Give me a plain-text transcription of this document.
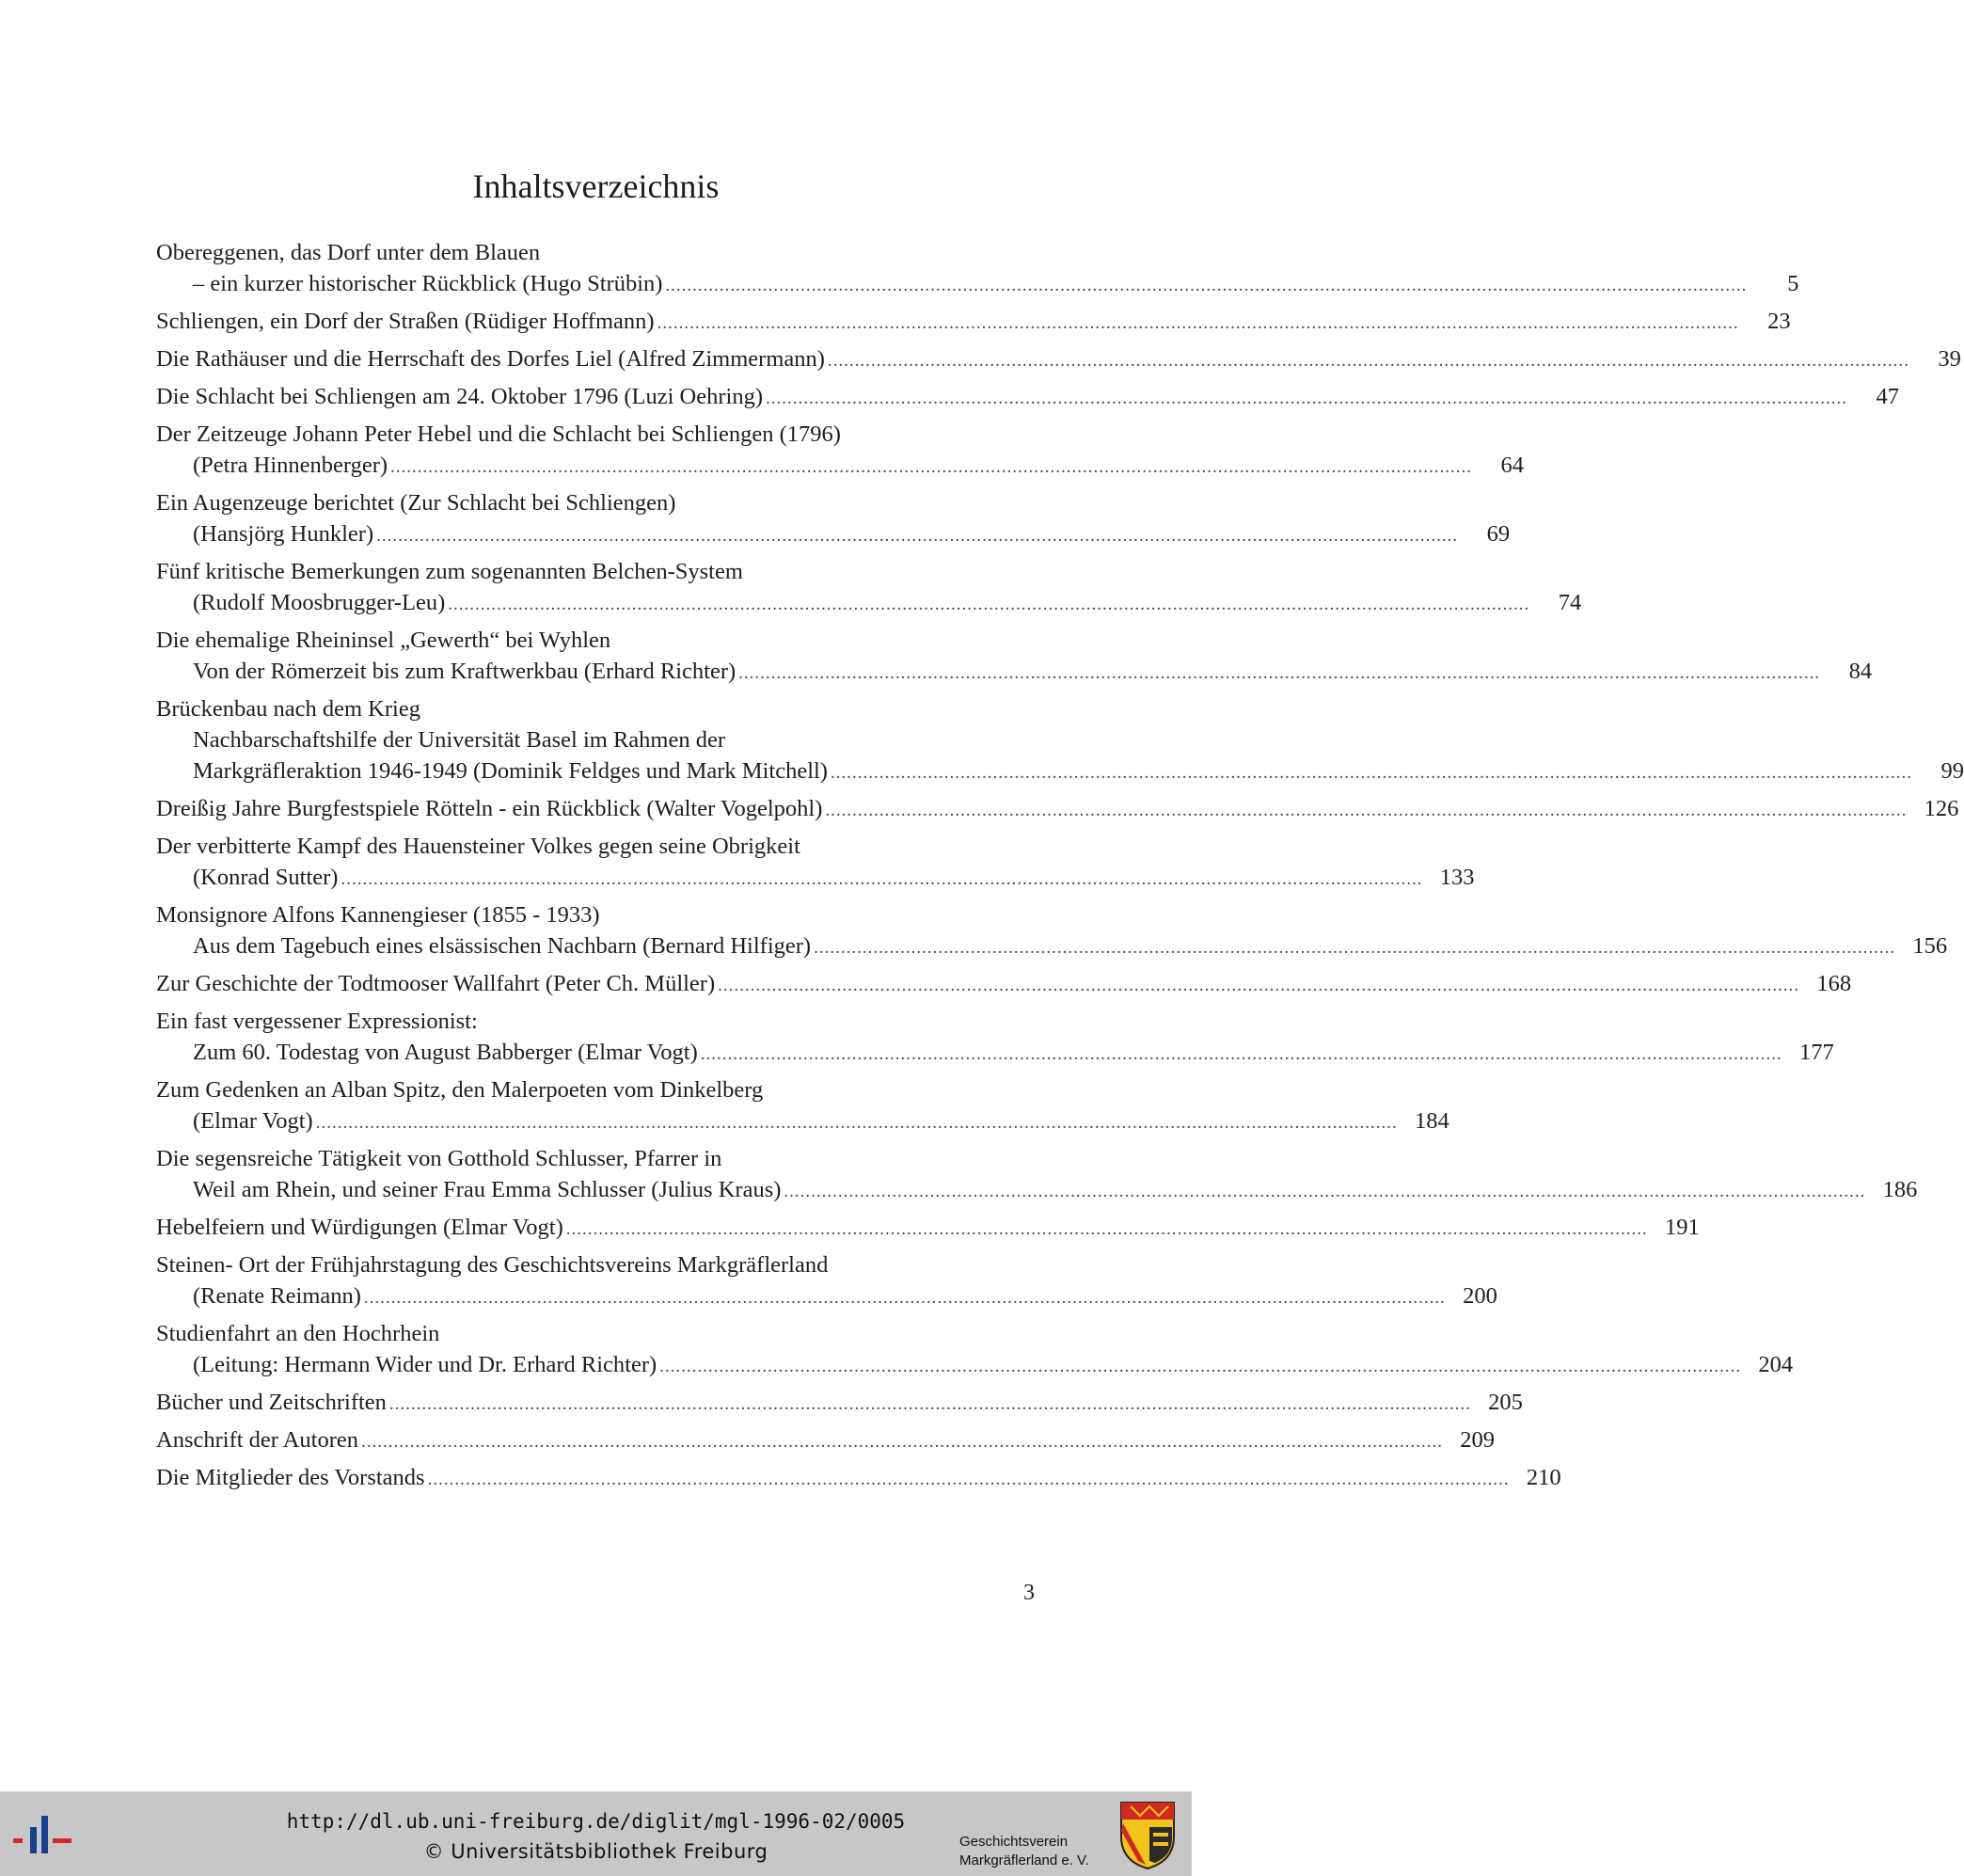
Inhaltsverzeichnis
Obereggenen, das Dorf unter dem Blauen
– ein kurzer historischer Rückblick (Hugo Strübin) ........................................................................................................................................................................................................	5
Schliengen, ein Dorf der Straßen (Rüdiger Hoffmann) ........................................................................................................................................................................................................	23
Die Rathäuser und die Herrschaft des Dorfes Liel (Alfred Zimmermann) ........................................................................................................................................................................................................	39
Die Schlacht bei Schliengen am 24. Oktober 1796 (Luzi Oehring) ........................................................................................................................................................................................................	47
Der Zeitzeuge Johann Peter Hebel und die Schlacht bei Schliengen (1796)
(Petra Hinnenberger) ........................................................................................................................................................................................................	64
Ein Augenzeuge berichtet (Zur Schlacht bei Schliengen)
(Hansjörg Hunkler) ........................................................................................................................................................................................................	69
Fünf kritische Bemerkungen zum sogenannten Belchen-System
(Rudolf Moosbrugger-Leu) ........................................................................................................................................................................................................	74
Die ehemalige Rheininsel „Gewerth“ bei Wyhlen
Von der Römerzeit bis zum Kraftwerkbau (Erhard Richter) ........................................................................................................................................................................................................	84
Brückenbau nach dem Krieg
Nachbarschaftshilfe der Universität Basel im Rahmen der
Markgräfleraktion 1946-1949 (Dominik Feldges und Mark Mitchell) ........................................................................................................................................................................................................	99
Dreißig Jahre Burgfestspiele Rötteln - ein Rückblick (Walter Vogelpohl) ........................................................................................................................................................................................................ 126
Der verbitterte Kampf des Hauensteiner Volkes gegen seine Obrigkeit
(Konrad Sutter) ........................................................................................................................................................................................................ 133
Monsignore Alfons Kannengieser (1855 - 1933)
Aus dem Tagebuch eines elsässischen Nachbarn (Bernard Hilfiger) ........................................................................................................................................................................................................ 156
Zur Geschichte der Todtmooser Wallfahrt (Peter Ch. Müller) ........................................................................................................................................................................................................ 168
Ein fast vergessener Expressionist:
Zum 60. Todestag von August Babberger (Elmar Vogt) ........................................................................................................................................................................................................ 177
Zum Gedenken an Alban Spitz, den Malerpoeten vom Dinkelberg
(Elmar Vogt) ........................................................................................................................................................................................................ 184
Die segensreiche Tätigkeit von Gotthold Schlusser, Pfarrer in
Weil am Rhein, und seiner Frau Emma Schlusser (Julius Kraus) ........................................................................................................................................................................................................ 186
Hebelfeiern und Würdigungen (Elmar Vogt) ........................................................................................................................................................................................................ 191
Steinen- Ort der Frühjahrstagung des Geschichtsvereins Markgräflerland
(Renate Reimann) ........................................................................................................................................................................................................ 200
Studienfahrt an den Hochrhein
(Leitung: Hermann Wider und Dr. Erhard Richter) ........................................................................................................................................................................................................ 204
Bücher und Zeitschriften ........................................................................................................................................................................................................ 205
Anschrift der Autoren ........................................................................................................................................................................................................ 209
Die Mitglieder des Vorstands ........................................................................................................................................................................................................ 210
3
http://dl.ub.uni-freiburg.de/diglit/mgl-1996-02/0005
© Universitätsbibliothek Freiburg	Geschichtsverein
Markgräflerland e. V.
